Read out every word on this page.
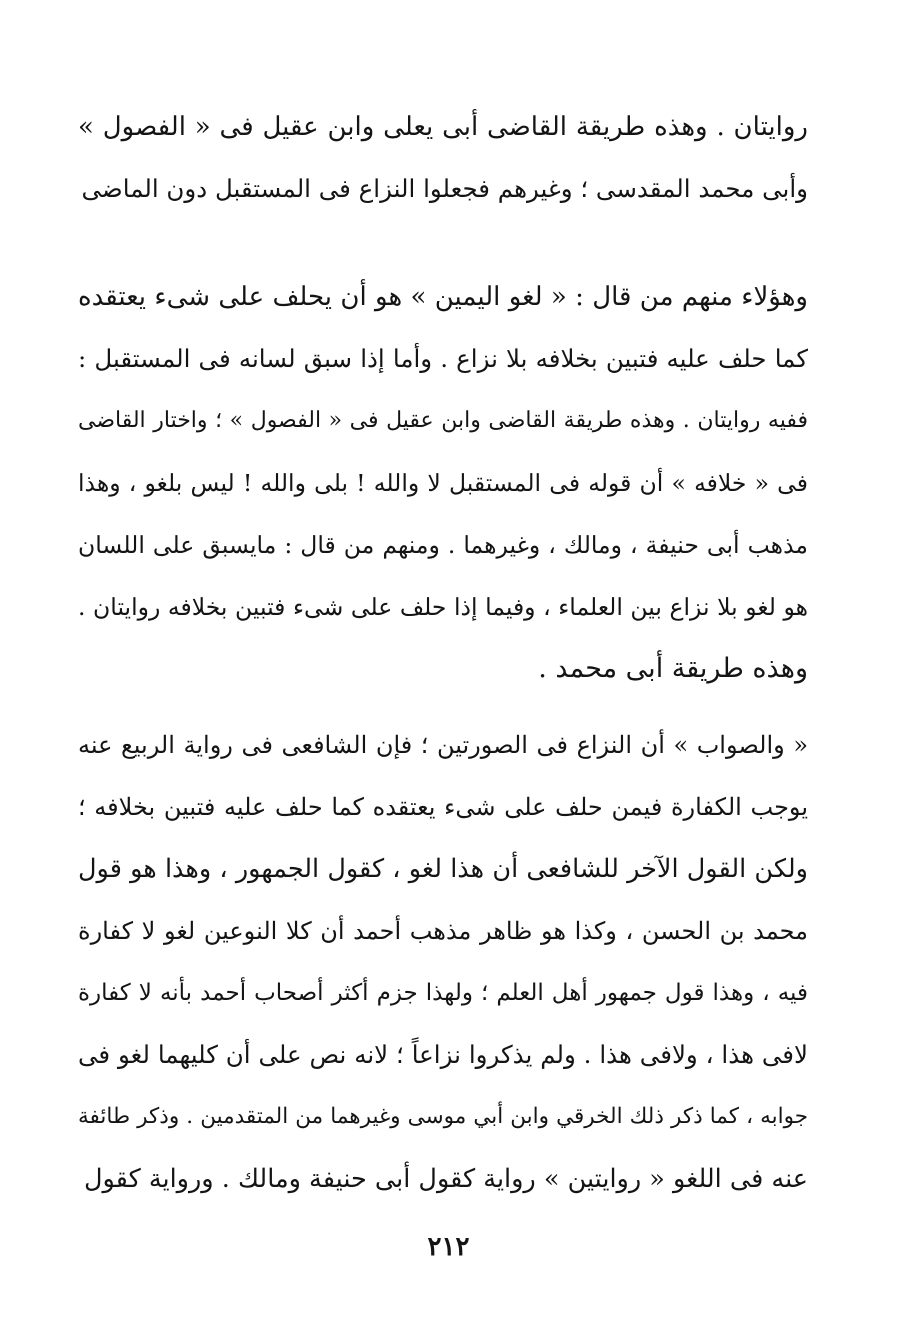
روايتان . وهذه طريقة القاضى أبى يعلى وابن عقيل فى « الفصول »
وأبى محمد المقدسى ؛ وغيرهم فجعلوا النزاع فى المستقبل دون الماضى
وهؤلاء منهم من قال : « لغو اليمين » هو أن يحلف على شىء يعتقده
كما حلف عليه فتبين بخلافه بلا نزاع . وأما إذا سبق لسانه فى المستقبل :
ففيه روايتان . وهذه طريقة القاضى وابن عقيل فى « الفصول » ؛ واختار القاضى
فى « خلافه » أن قوله فى المستقبل لا والله ! بلى والله ! ليس بلغو ، وهذا
مذهب أبى حنيفة ، ومالك ، وغيرهما . ومنهم من قال : مايسبق على اللسان
هو لغو بلا نزاع بين العلماء ، وفيما إذا حلف على شىء فتبين بخلافه روايتان .
وهذه طريقة أبى محمد .
« والصواب » أن النزاع فى الصورتين ؛ فإن الشافعى فى رواية الربيع عنه
يوجب الكفارة فيمن حلف على شىء يعتقده كما حلف عليه فتبين بخلافه ؛
ولكن القول الآخر للشافعى أن هذا لغو ، كقول الجمهور ، وهذا هو قول
محمد بن الحسن ، وكذا هو ظاهر مذهب أحمد أن كلا النوعين لغو لا كفارة
فيه ، وهذا قول جمهور أهل العلم ؛ ولهذا جزم أكثر أصحاب أحمد بأنه لا كفارة
لافى هذا ، ولافى هذا . ولم يذكروا نزاعاً ؛ لانه نص على أن كليهما لغو فى
جوابه ، كما ذكر ذلك الخرقي وابن أبي موسى وغيرهما من المتقدمين . وذكر طائفة
عنه فى اللغو « روايتين » رواية كقول أبى حنيفة ومالك . ورواية كقول
٢١٢
